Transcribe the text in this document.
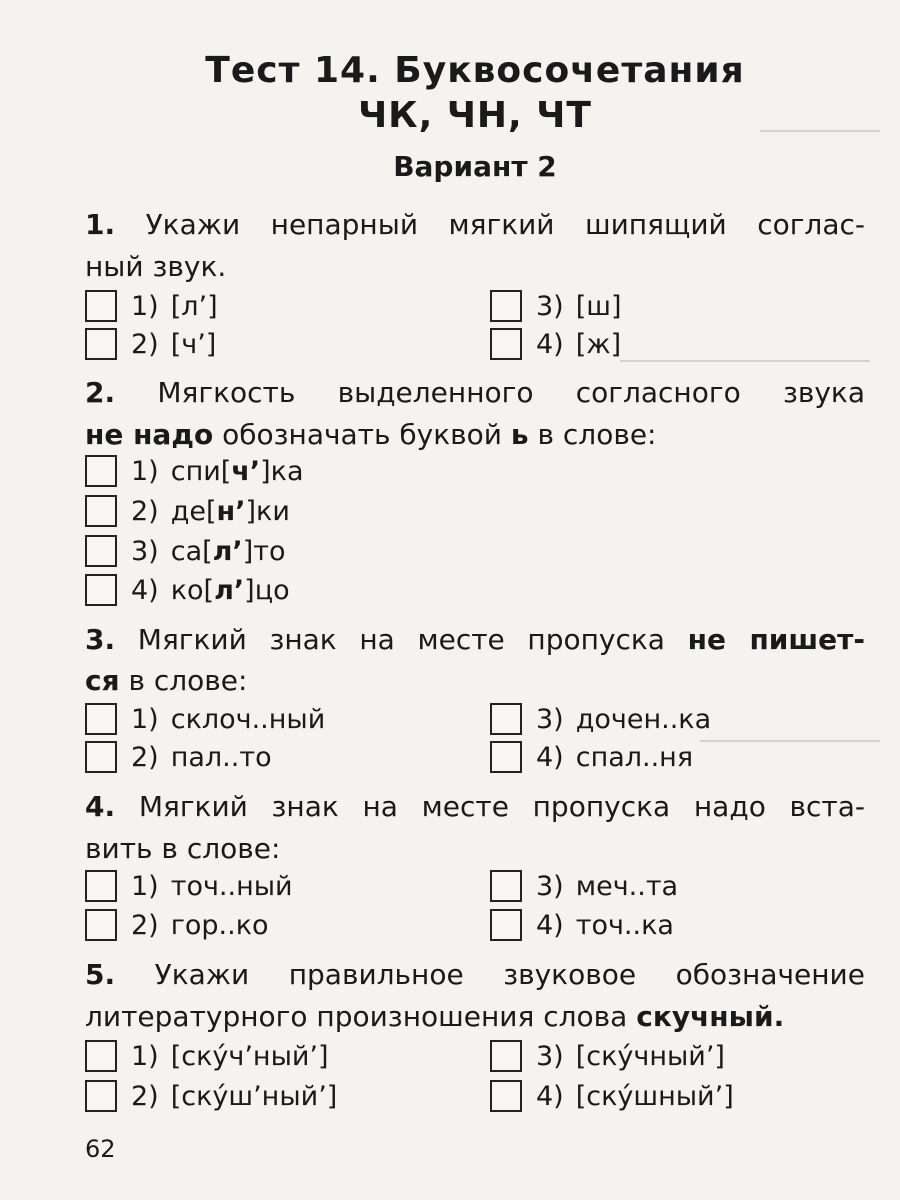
Тест 14. Буквосочетания
ЧК, ЧН, ЧТ
Вариант 2
1. Укажи непарный мягкий шипящий соглас-
ный звук.
1) [л’]
2) [ч’]
3) [ш]
4) [ж]
2. Мягкость выделенного согласного звука
не надо обозначать буквой ь в слове:
1) спи [ ч’ ] ка
2) де [ н’ ] ки
3) са [ л’ ] то
4) ко [ л’ ] цо
3. Мягкий знак на месте пропуска не пишет-
ся в слове:
1) склоч..ный
2) пал..то
3) дочен..ка
4) спал..ня
4. Мягкий знак на месте пропуска надо вста-
вить в слове:
1) точ..ный
2) гор..ко
3) меч..та
4) точ..ка
5. Укажи правильное звуковое обозначение
литературного произношения слова скучный.
1) [ску́ч’ный’]
2) [ску́ш’ный’]
3) [ску́чный’]
4) [ску́шный’]
62
